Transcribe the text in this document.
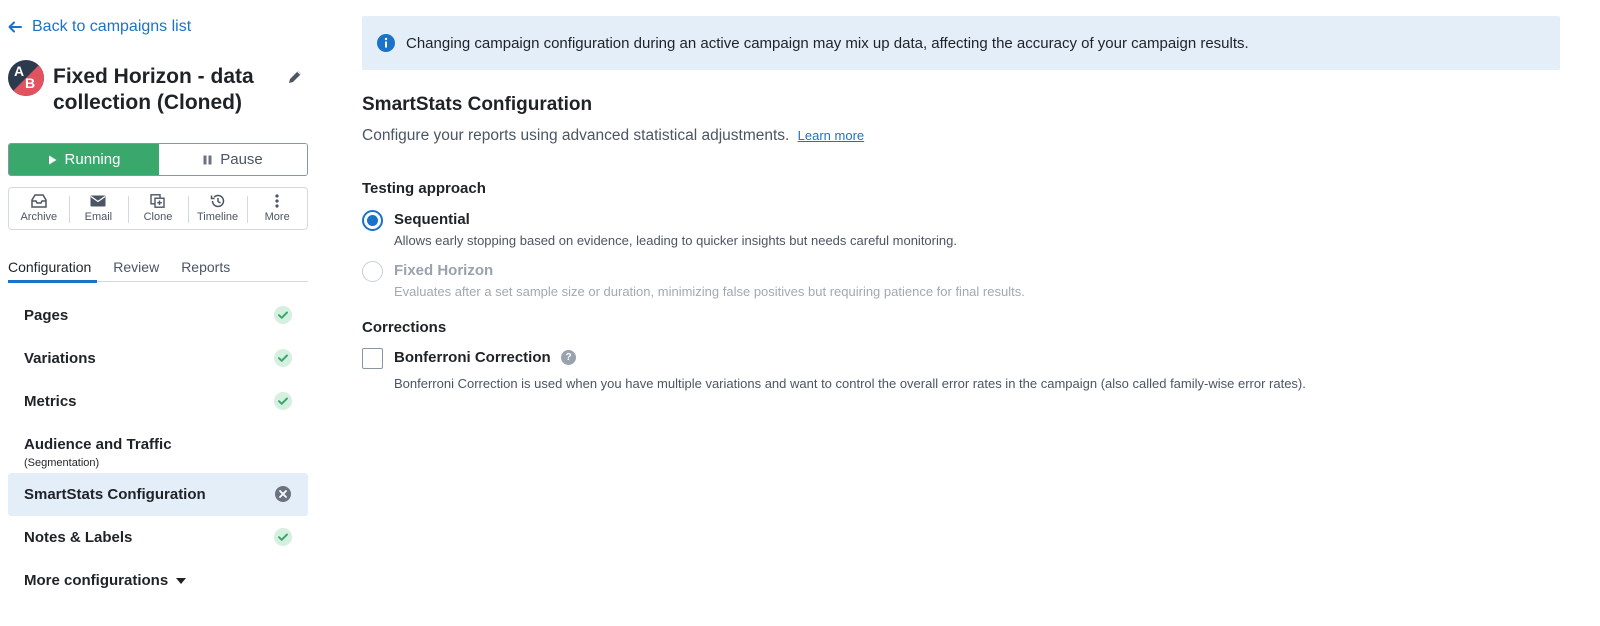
Back to campaigns list
A
B Fixed Horizon - data collection (Cloned)
Running	Pause
Archive Email	Clone Timeline More
Configuration Review Reports
Pages
Variations
Metrics
Audience and Traffic
(Segmentation)
SmartStats Configuration
Notes & Labels
More configurations
Changing campaign configuration during an active campaign may mix up data, affecting the accuracy of your campaign results.
SmartStats Configuration
Configure your reports using advanced statistical adjustments. Learn more
Testing approach
Sequential
Allows early stopping based on evidence, leading to quicker insights but needs careful monitoring.
Fixed Horizon
Evaluates after a set sample size or duration, minimizing false positives but requiring patience for final results.
Corrections
Bonferroni Correction	?
Bonferroni Correction is used when you have multiple variations and want to control the overall error rates in the campaign (also called family-wise error rates).
